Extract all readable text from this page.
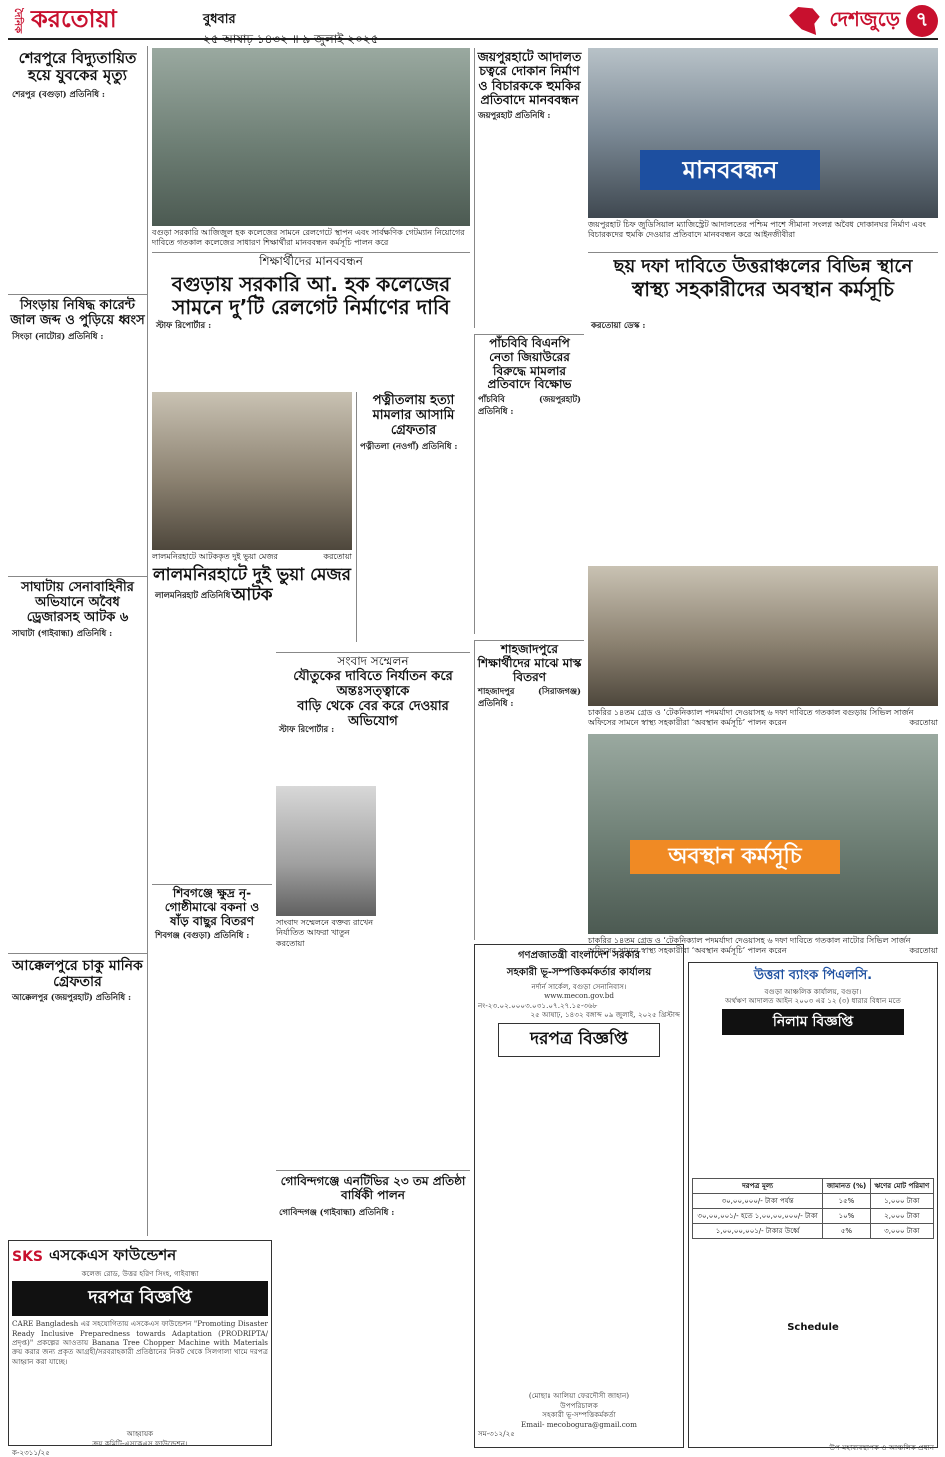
দৈনিক করতোয়া	বুধবার
২৫ আষাঢ় ১৪৩২ ॥ ৯ জুলাই ২০২৫
দেশজুড়ে ৭
শেরপুরে বিদ্যুতায়িত হয়ে যুবকের মৃত্যু
শেরপুর (বগুড়া) প্রতিনিধি :
সিংড়ায় নিষিদ্ধ কারেন্ট জাল জব্দ ও পুড়িয়ে ধ্বংস
সিংড়া (নাটোর) প্রতিনিধি :
সাঘাটায় সেনাবাহিনীর অভিযানে অবৈধ ড্রেজারসহ আটক ৬
সাঘাটা (গাইবান্ধা) প্রতিনিধি :
আক্কেলপুরে চাকু মানিক গ্রেফতার
আক্কেলপুর (জয়পুরহাট) প্রতিনিধি :
বগুড়া সরকারি আজিজুল হক কলেজের সামনে রেলগেটে স্থাপন এবং সার্বক্ষণিক গেটম্যান নিয়োগের দাবিতে গতকাল কলেজের সাধারণ শিক্ষার্থীরা মানববন্ধন কর্মসূচি পালন করে
শিক্ষার্থীদের মানববন্ধন
বগুড়ায় সরকারি আ. হক কলেজের
সামনে দু’টি রেলগেট নির্মাণের দাবি
স্টাফ রিপোর্টার :
লালমনিরহাটে আটককৃত দুই ভুয়া মেজর	করতোয়া
লালমনিরহাটে দুই ভুয়া মেজর আটক
লালমনিরহাট প্রতিনিধি :
পত্নীতলায় হত্যা মামলার আসামি গ্রেফতার
পত্নীতলা (নওগাঁ) প্রতিনিধি :
সংবাদ সম্মেলন
যৌতুকের দাবিতে নির্যাতন করে অন্তঃসত্ত্বাকে
বাড়ি থেকে বের করে দেওয়ার অভিযোগ
স্টাফ রিপোর্টার :
সাংবাদ সম্মেলনে বক্তব্য রাখেন নির্যাতিত আফরা খাতুন করতোয়া
শিবগঞ্জে ক্ষুদ্র নৃ-গোষ্ঠীমাঝে বকনা ও ষাঁড় বাছুর বিতরণ
শিবগঞ্জ (বগুড়া) প্রতিনিধি :
জয়পুরহাটে আদালত চত্বরে দোকান নির্মাণ ও বিচারককে হুমকির প্রতিবাদে মানববন্ধন
জয়পুরহাট প্রতিনিধি :
মানববন্ধন
জয়পুরহাট চিফ জুডিসিয়াল ম্যাজিস্ট্রেট আদালতের পশ্চিম পাশে সীমানা সংলগ্ন অবৈধ দোকানঘর নির্মাণ এবং বিচারকদের হুমকি দেওয়ার প্রতিবাদে মানববন্ধন করে আইনজীবীরা
ছয় দফা দাবিতে উত্তরাঞ্চলের বিভিন্ন স্থানে
স্বাস্থ্য সহকারীদের অবস্থান কর্মসূচি
করতোয়া ডেস্ক :
পাঁচবিবি বিএনপি নেতা জিয়াউরের বিরুদ্ধে মামলার প্রতিবাদে বিক্ষোভ
পাঁচবিবি (জয়পুরহাট) প্রতিনিধি :
শাহজাদপুরে শিক্ষার্থীদের মাঝে মাস্ক বিতরণ
শাহজাদপুর (সিরাজগঞ্জ) প্রতিনিধি :
চাকরির ১৪তম গ্রেড ও ‘টেকনিক্যাল পদমর্যাদা দেওয়াসহ ৬ দফা দাবিতে গতকাল বগুড়ায় সিভিল সার্জন অফিসের সামনে স্বাস্থ্য সহকারীরা ‘অবস্থান কর্মসূচি’ পালন করেন	করতোয়া
অবস্থান কর্মসূচি
চাকরির ১৪তম গ্রেড ও ‘টেকনিক্যাল পদমর্যাদা দেওয়াসহ ৬ দফা দাবিতে গতকাল নাটোর সিভিল সার্জন অফিসের সামনে স্বাস্থ্য সহকারীরা ‘অবস্থান কর্মসূচি’ পালন করেন	করতোয়া
গোবিন্দগঞ্জে এনটিভির ২৩ তম প্রতিষ্ঠা বার্ষিকী পালন
গোবিন্দগঞ্জ (গাইবান্ধা) প্রতিনিধি :
SKS এসকেএস ফাউন্ডেশন
কলেজ রোড, উত্তর হরিণ সিংহ, গাইবান্ধা
দরপত্র বিজ্ঞপ্তি
CARE Bangladesh এর সহযোগিতায় এসকেএস ফাউন্ডেশন "Promoting Disaster Ready Inclusive Preparedness towards Adaptation (PRODRIPTA/ প্রদৃপ্ত)" প্রকল্পের আওতায় Banana Tree Chopper Machine with Materials ক্রয় করার জন্য প্রকৃত আগ্রহী/সরবরাহকারী প্রতিষ্ঠানের নিকট থেকে সিলগালা খামে দরপত্র আহ্বান করা যাচ্ছে।
আহ্বায়ক
ক্রয় কমিটি-এসকেএস ফাউন্ডেশন।
ক-২৩১১/২৫
গণপ্রজাতন্ত্রী বাংলাদেশ সরকার
সহকারী ভূ-সম্পত্তিকর্মকর্তার কার্যালয়
নর্দার্ন সার্কেল, বগুড়া সেনানিবাস।
www.mecon.gov.bd
নং-২৩.০২.০০০৩.০৩১.০৭.২৭.১৫-৩৬৮
২৫ আষাঢ়, ১৪৩২ বঙ্গাব্দ ০৯ জুলাই, ২০২৫ খ্রিস্টাব্দ
দরপত্র বিজ্ঞপ্তি
(মোছাঃ আলিয়া ফেরদৌসী জাহান)
উপপরিচালক
সহকারী ভূ-সম্পত্তিকর্মকর্তা
Email- mecobogura@gmail.com
সম-৩১২/২৫
উত্তরা ব্যাংক পিএলসি.
বগুড়া আঞ্চলিক কার্যালয়, বগুড়া।
অর্থঋণ আদালত আইন ২০০৩ এর ১২ (৩) ধারার বিধান মতে
নিলাম বিজ্ঞপ্তি
দরপত্র মূল্য	জামানত (%)	ঋণের মোট পরিমাণ
৩০,০০,০০০/- টাকা পর্যন্ত	১৫%	১,০০০ টাকা
৩০,০০,০০১/- হতে ১,০০,০০,০০০/- টাকা	১০%	২,০০০ টাকা
১,০০,০০,০০১/- টাকার উর্ধ্বে	৫%	৩,০০০ টাকা
Schedule
উপ-মহাব্যবস্থাপক ও আঞ্চলিক প্রধান
